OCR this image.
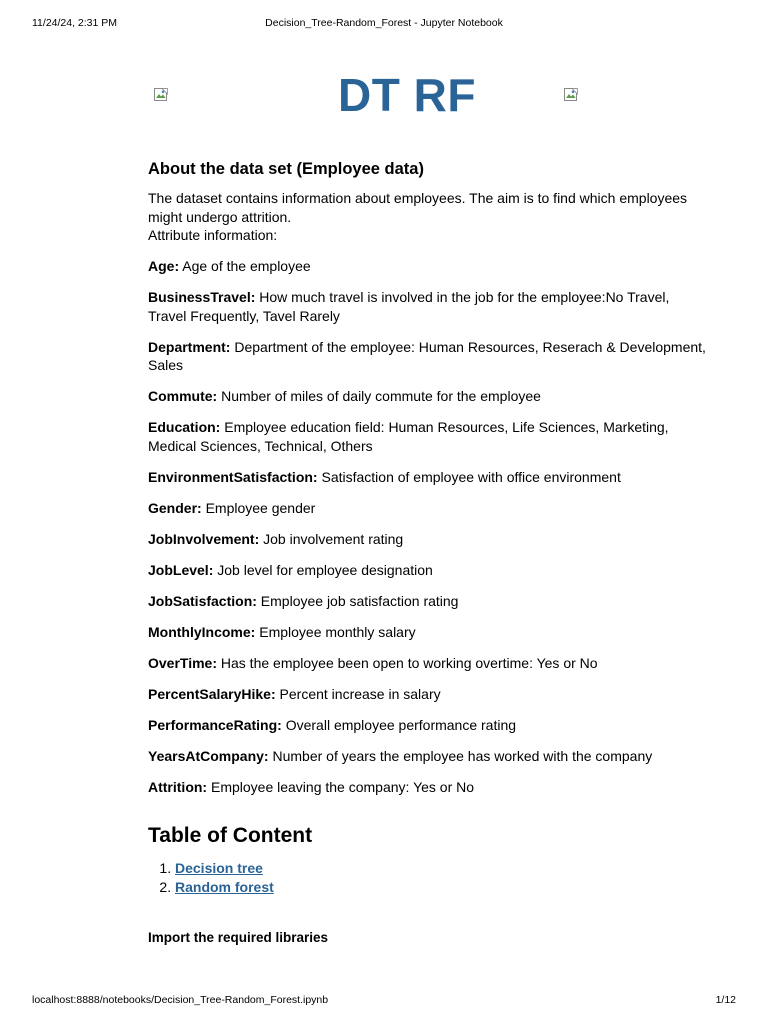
11/24/24, 2:31 PM	Decision_Tree-Random_Forest - Jupyter Notebook
DT RF
About the data set (Employee data)

The dataset contains information about employees. The aim is to find which employees might undergo attrition.
Attribute information:

Age: Age of the employee

BusinessTravel: How much travel is involved in the job for the employee:No Travel, Travel Frequently, Tavel Rarely

Department: Department of the employee: Human Resources, Reserach & Development, Sales

Commute: Number of miles of daily commute for the employee

Education: Employee education field: Human Resources, Life Sciences, Marketing, Medical Sciences, Technical, Others

EnvironmentSatisfaction: Satisfaction of employee with office environment

Gender: Employee gender

JobInvolvement: Job involvement rating

JobLevel: Job level for employee designation

JobSatisfaction: Employee job satisfaction rating

MonthlyIncome: Employee monthly salary

OverTime: Has the employee been open to working overtime: Yes or No

PercentSalaryHike: Percent increase in salary

PerformanceRating: Overall employee performance rating

YearsAtCompany: Number of years the employee has worked with the company

Attrition: Employee leaving the company: Yes or No

Table of Content
1. Decision tree
2. Random forest

Import the required libraries

localhost:8888/notebooks/Decision_Tree-Random_Forest.ipynb	1/12
